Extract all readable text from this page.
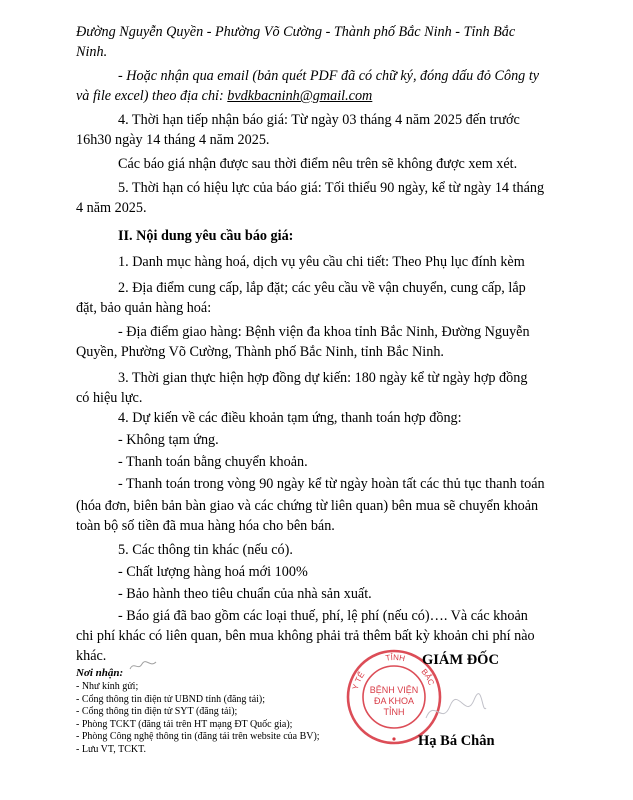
Đường Nguyễn Quyền - Phường Võ Cường - Thành phố Bắc Ninh - Tỉnh Bắc
Ninh.
- Hoặc nhận qua email (bản quét PDF đã có chữ ký, đóng dấu đỏ Công ty
và file excel) theo địa chỉ: bvdkbacninh@gmail.com
4. Thời hạn tiếp nhận báo giá: Từ ngày 03 tháng 4 năm 2025 đến trước
16h30 ngày 14 tháng 4 năm 2025.
Các báo giá nhận được sau thời điểm nêu trên sẽ không được xem xét.
5. Thời hạn có hiệu lực của báo giá: Tối thiểu 90 ngày, kể từ ngày 14 tháng
4 năm 2025.
II. Nội dung yêu cầu báo giá:
1. Danh mục hàng hoá, dịch vụ yêu cầu chi tiết: Theo Phụ lục đính kèm
2. Địa điểm cung cấp, lắp đặt; các yêu cầu về vận chuyển, cung cấp, lắp
đặt, bảo quản hàng hoá:
- Địa điểm giao hàng: Bệnh viện đa khoa tỉnh Bắc Ninh, Đường Nguyễn
Quyền, Phường Võ Cường, Thành phố Bắc Ninh, tỉnh Bắc Ninh.
3. Thời gian thực hiện hợp đồng dự kiến: 180 ngày kể từ ngày hợp đồng
có hiệu lực.
4. Dự kiến về các điều khoản tạm ứng, thanh toán hợp đồng:
- Không tạm ứng.
- Thanh toán bằng chuyển khoản.
- Thanh toán trong vòng 90 ngày kể từ ngày hoàn tất các thủ tục thanh toán
(hóa đơn, biên bản bàn giao và các chứng từ liên quan) bên mua sẽ chuyển khoản
toàn bộ số tiền đã mua hàng hóa cho bên bán.
5. Các thông tin khác (nếu có).
- Chất lượng hàng hoá mới 100%
- Bảo hành theo tiêu chuẩn của nhà sản xuất.
- Báo giá đã bao gồm các loại thuế, phí, lệ phí (nếu có)…. Và các khoản
chi phí khác có liên quan, bên mua không phải trả thêm bất kỳ khoản chi phí nào
khác.
Nơi nhận:
- Như kính gửi;
- Cổng thông tin điện tử UBND tỉnh (đăng tải);
- Cổng thông tin điện tử SYT (đăng tải);
- Phòng TCKT (đăng tải trên HT mạng ĐT Quốc gia);
- Phòng Công nghệ thông tin (đăng tải trên website của BV);
- Lưu VT, TCKT.
Y TẾ
TỈNH
BẮC
BỆNH VIỆN
ĐA KHOA
TỈNH
GIÁM ĐỐC
Hạ Bá Chân
